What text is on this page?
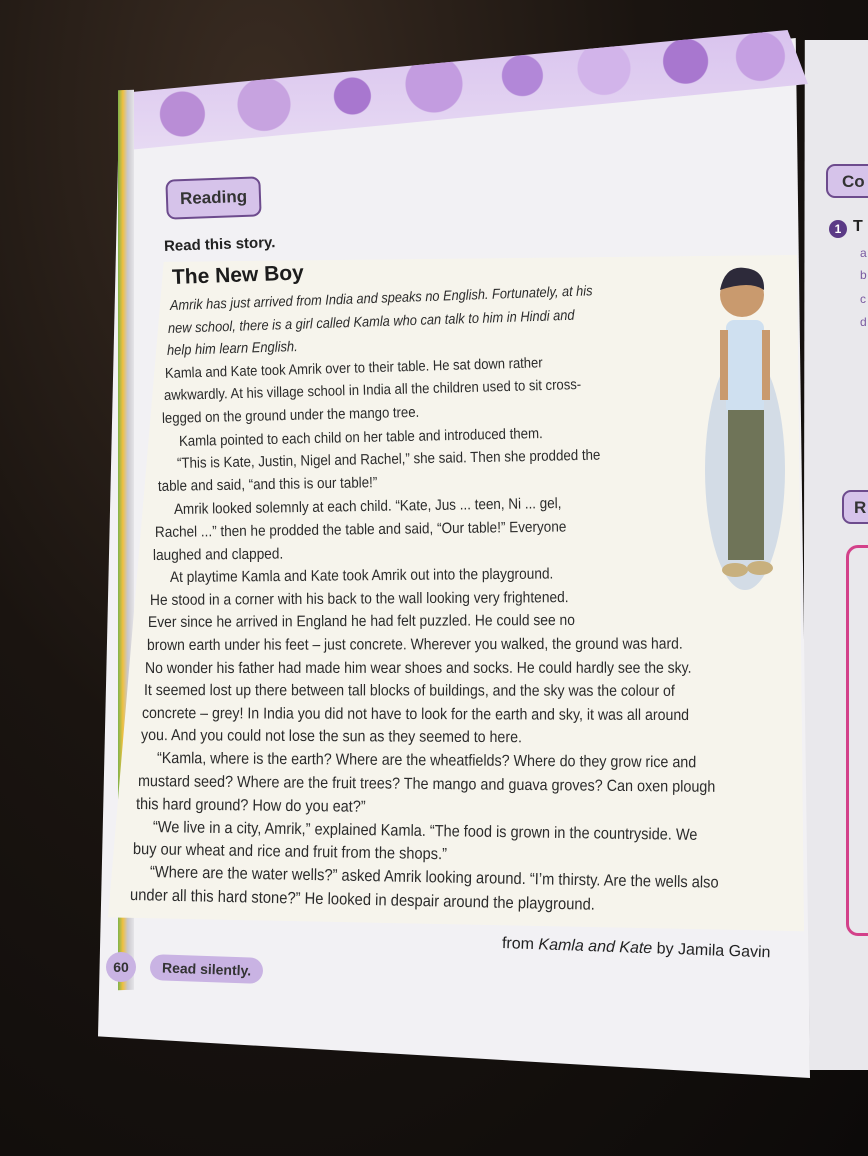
Co
1 T
a
b
c
d
R
Reading
Read this story.
The New Boy
Amrik has just arrived from India and speaks no English. Fortunately, at his
new school, there is a girl called Kamla who can talk to him in Hindi and
help him learn English.
Kamla and Kate took Amrik over to their table. He sat down rather
awkwardly. At his village school in India all the children used to sit cross-
legged on the ground under the mango tree.
Kamla pointed to each child on her table and introduced them.
“This is Kate, Justin, Nigel and Rachel,” she said. Then she prodded the
table and said, “and this is our table!”
Amrik looked solemnly at each child. “Kate, Jus ... teen, Ni ... gel,
Rachel ...” then he prodded the table and said, “Our table!” Everyone
laughed and clapped.
At playtime Kamla and Kate took Amrik out into the playground.
He stood in a corner with his back to the wall looking very frightened.
Ever since he arrived in England he had felt puzzled. He could see no
brown earth under his feet – just concrete. Wherever you walked, the ground was hard.
No wonder his father had made him wear shoes and socks. He could hardly see the sky.
It seemed lost up there between tall blocks of buildings, and the sky was the colour of
concrete – grey! In India you did not have to look for the earth and sky, it was all around
you. And you could not lose the sun as they seemed to here.
“Kamla, where is the earth? Where are the wheatfields? Where do they grow rice and
mustard seed? Where are the fruit trees? The mango and guava groves? Can oxen plough
this hard ground? How do you eat?”
“We live in a city, Amrik,” explained Kamla. “The food is grown in the countryside. We
buy our wheat and rice and fruit from the shops.”
“Where are the water wells?” asked Amrik looking around. “I’m thirsty. Are the wells also
under all this hard stone?” He looked in despair around the playground.
from Kamla and Kate by Jamila Gavin
60	Read silently.
